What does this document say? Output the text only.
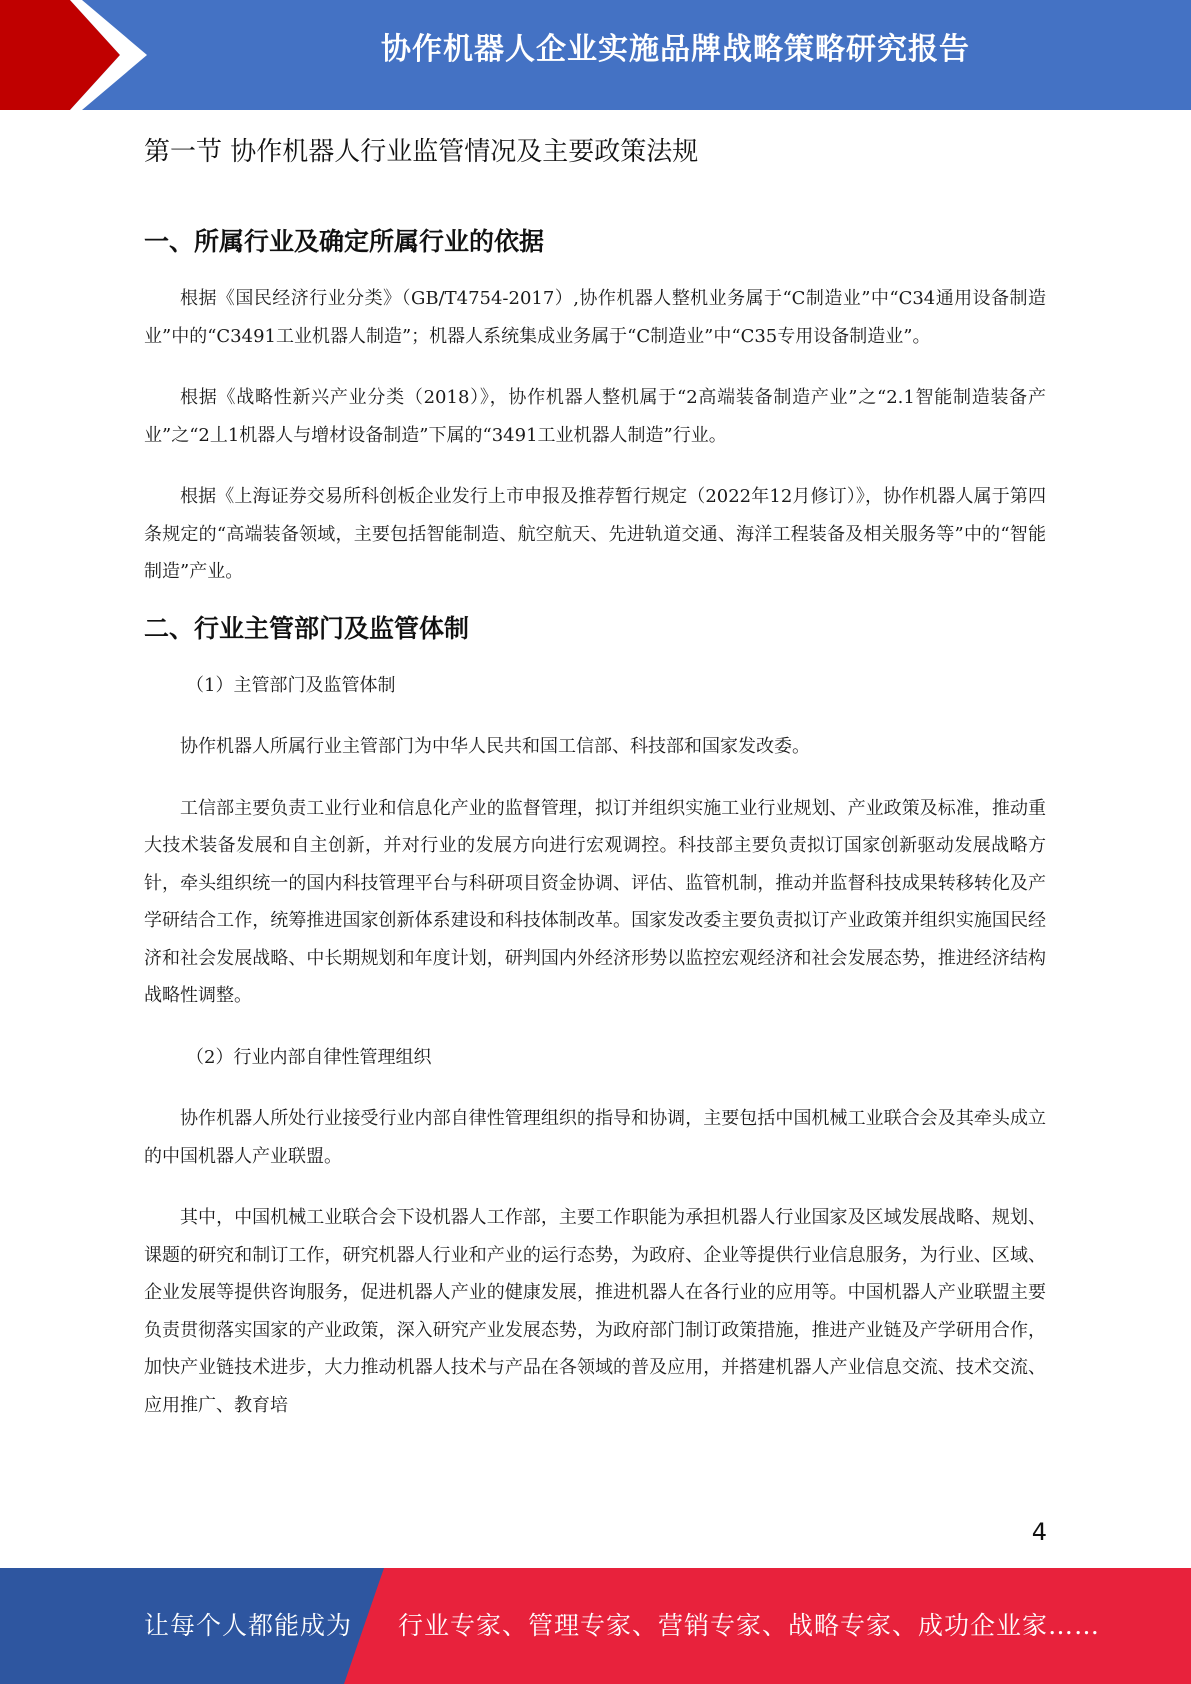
协作机器人企业实施品牌战略策略研究报告
第一节 协作机器人行业监管情况及主要政策法规
一、所属行业及确定所属行业的依据

根据《国民经济行业分类》（GB/T4754-2017）,协作机器人整机业务属于“C制造业”中“C34通用设备制造业”中的“C3491工业机器人制造”；机器人系统集成业务属于“C制造业”中“C35专用设备制造业”。

根据《战略性新兴产业分类（2018）》，协作机器人整机属于“2高端装备制造产业”之“2.1智能制造装备产业”之“2丄1机器人与增材设备制造”下属的“3491工业机器人制造”行业。

根据《上海证券交易所科创板企业发行上市申报及推荐暂行规定（2022年12月修订）》，协作机器人属于第四条规定的“高端装备领域，主要包括智能制造、航空航天、先进轨道交通、海洋工程装备及相关服务等”中的“智能制造”产业。

二、行业主管部门及监管体制

（1）主管部门及监管体制

协作机器人所属行业主管部门为中华人民共和国工信部、科技部和国家发改委。

工信部主要负责工业行业和信息化产业的监督管理，拟订并组织实施工业行业规划、产业政策及标准，推动重大技术装备发展和自主创新，并对行业的发展方向进行宏观调控。科技部主要负责拟订国家创新驱动发展战略方针，牵头组织统一的国内科技管理平台与科研项目资金协调、评估、监管机制，推动并监督科技成果转移转化及产学研结合工作，统筹推进国家创新体系建设和科技体制改革。国家发改委主要负责拟订产业政策并组织实施国民经济和社会发展战略、中长期规划和年度计划，研判国内外经济形势以监控宏观经济和社会发展态势，推进经济结构战略性调整。

（2）行业内部自律性管理组织

协作机器人所处行业接受行业内部自律性管理组织的指导和协调，主要包括中国机械工业联合会及其牵头成立的中国机器人产业联盟。

其中，中国机械工业联合会下设机器人工作部，主要工作职能为承担机器人行业国家及区域发展战略、规划、课题的研究和制订工作，研究机器人行业和产业的运行态势，为政府、企业等提供行业信息服务，为行业、区域、企业发展等提供咨询服务，促进机器人产业的健康发展，推进机器人在各行业的应用等。中国机器人产业联盟主要负责贯彻落实国家的产业政策，深入研究产业发展态势，为政府部门制订政策措施，推进产业链及产学研用合作，加快产业链技术进步，大力推动机器人技术与产品在各领域的普及应用，并搭建机器人产业信息交流、技术交流、应用推广、教育培

4
让每个人都能成为 行业专家、管理专家、营销专家、战略专家、成功企业家……
